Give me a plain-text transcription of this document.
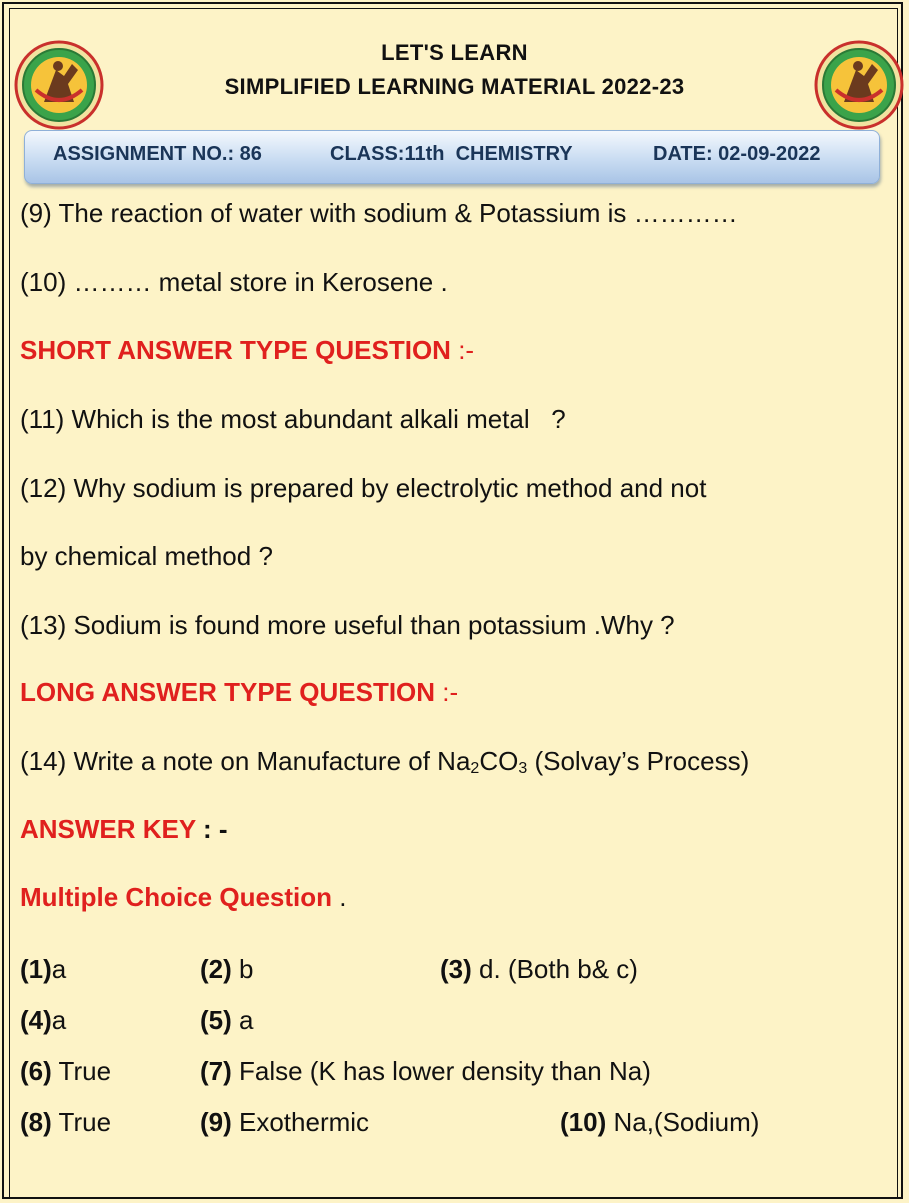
LET'S LEARN
SIMPLIFIED LEARNING MATERIAL 2022-23
ASSIGNMENT NO.: 86	CLASS:11th  CHEMISTRY	DATE: 02-09-2022
(9) The reaction of water with sodium & Potassium is …………
(10) ……… metal store in Kerosene .
SHORT ANSWER TYPE QUESTION :-
(11) Which is the most abundant alkali metal   ?
(12) Why sodium is prepared by electrolytic method and not
by chemical method ?
(13) Sodium is found more useful than potassium .Why ?
LONG ANSWER TYPE QUESTION :-
(14) Write a note on Manufacture of Na2CO3 (Solvay’s Process)
ANSWER KEY : -
Multiple Choice Question .
(1)a	(2) b	(3) d. (Both b& c)
(4)a	(5) a
(6) True	(7) False (K has lower density than Na)
(8) True	(9) Exothermic	(10) Na,(Sodium)
